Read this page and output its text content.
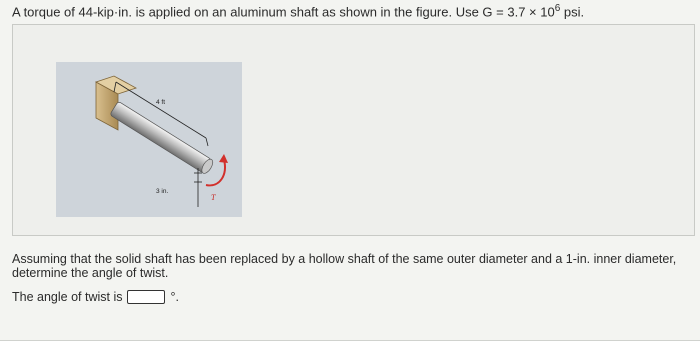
A torque of 44-kip·in. is applied on an aluminum shaft as shown in the figure. Use $G = 3.7 \times 10^6$ psi.
4 ft
3 in.
T
Assuming that the solid shaft has been replaced by a hollow shaft of the same outer diameter and a 1-in. inner diameter, determine the angle of twist.
The angle of twist is	°.
